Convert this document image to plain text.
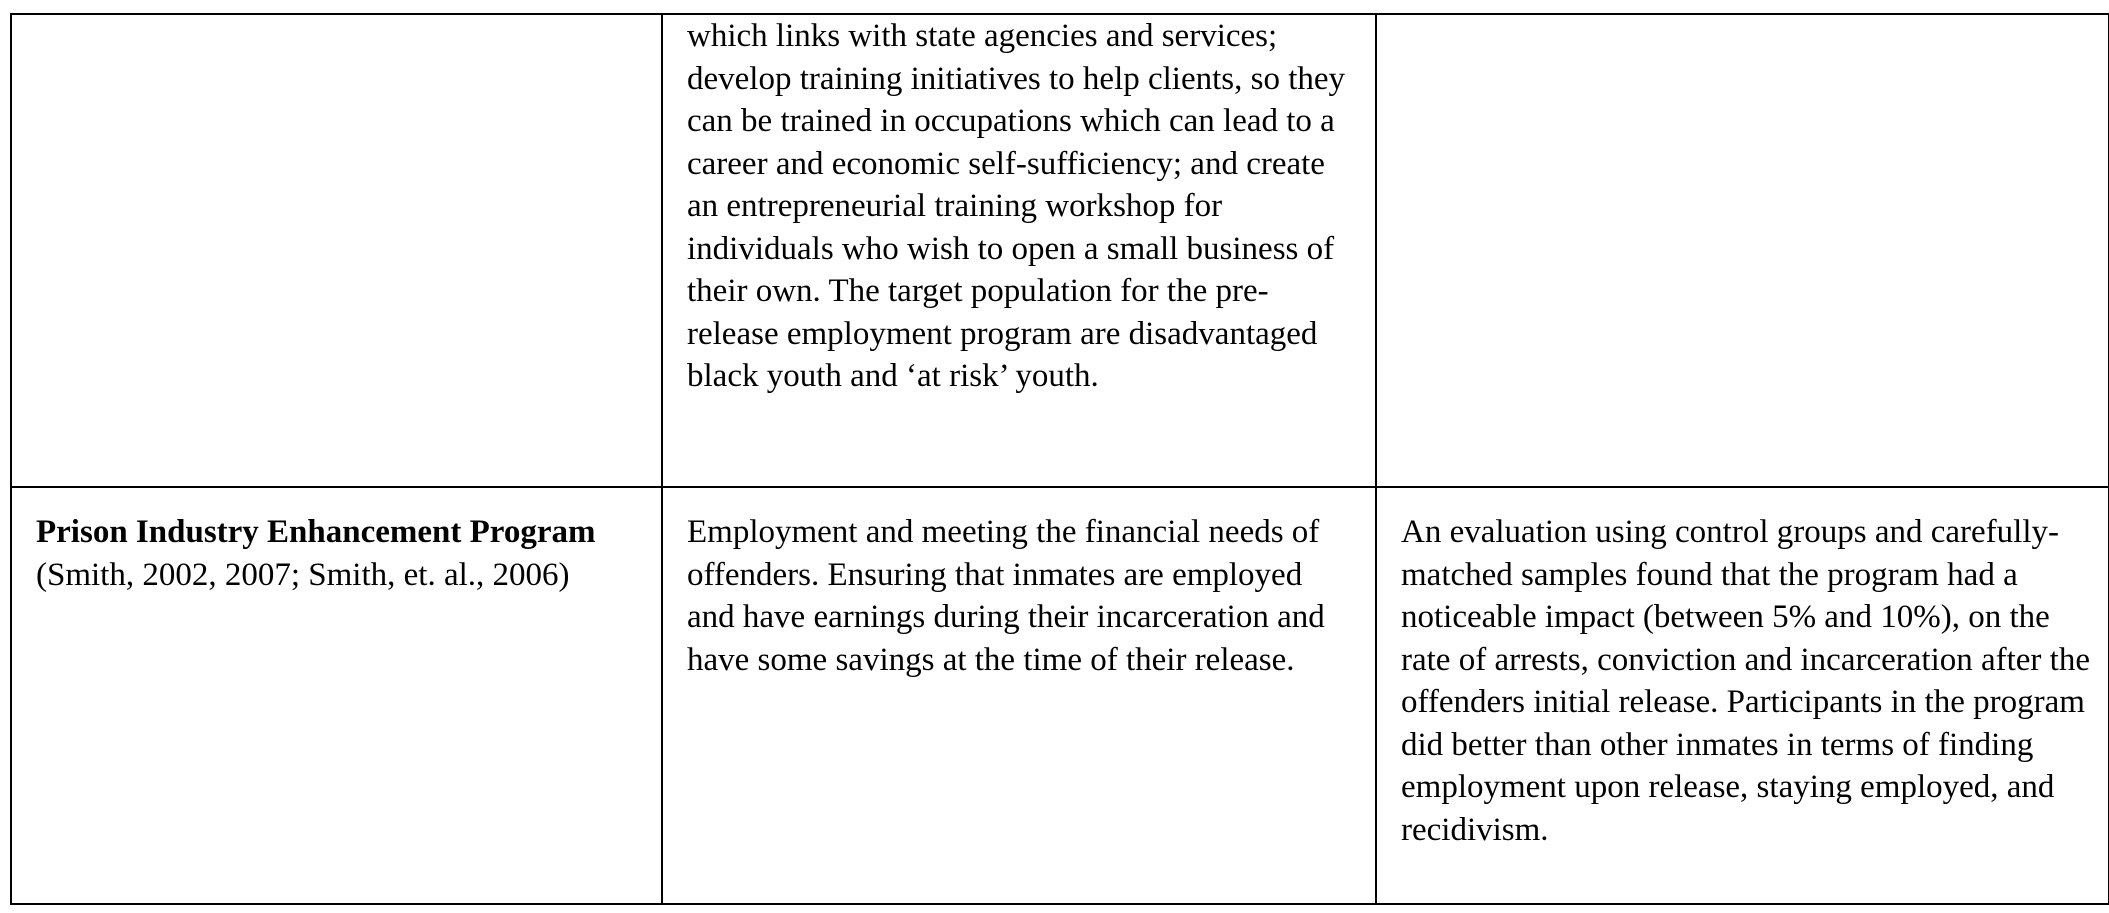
	which links with state agencies and services; develop training initiatives to help clients, so they can be trained in occupations which can lead to a career and economic self-sufficiency; and create an entrepreneurial training workshop for individuals who wish to open a small business of their own. The target population for the pre-release employment program are disadvantaged black youth and ‘at risk’ youth.	

Prison Industry Enhancement Program (Smith, 2002, 2007; Smith, et. al., 2006)	Employment and meeting the financial needs of offenders. Ensuring that inmates are employed and have earnings during their incarceration and have some savings at the time of their release.	An evaluation using control groups and carefully-matched samples found that the program had a noticeable impact (between 5% and 10%), on the rate of arrests, conviction and incarceration after the offenders initial release. Participants in the program did better than other inmates in terms of finding employment upon release, staying employed, and recidivism.
